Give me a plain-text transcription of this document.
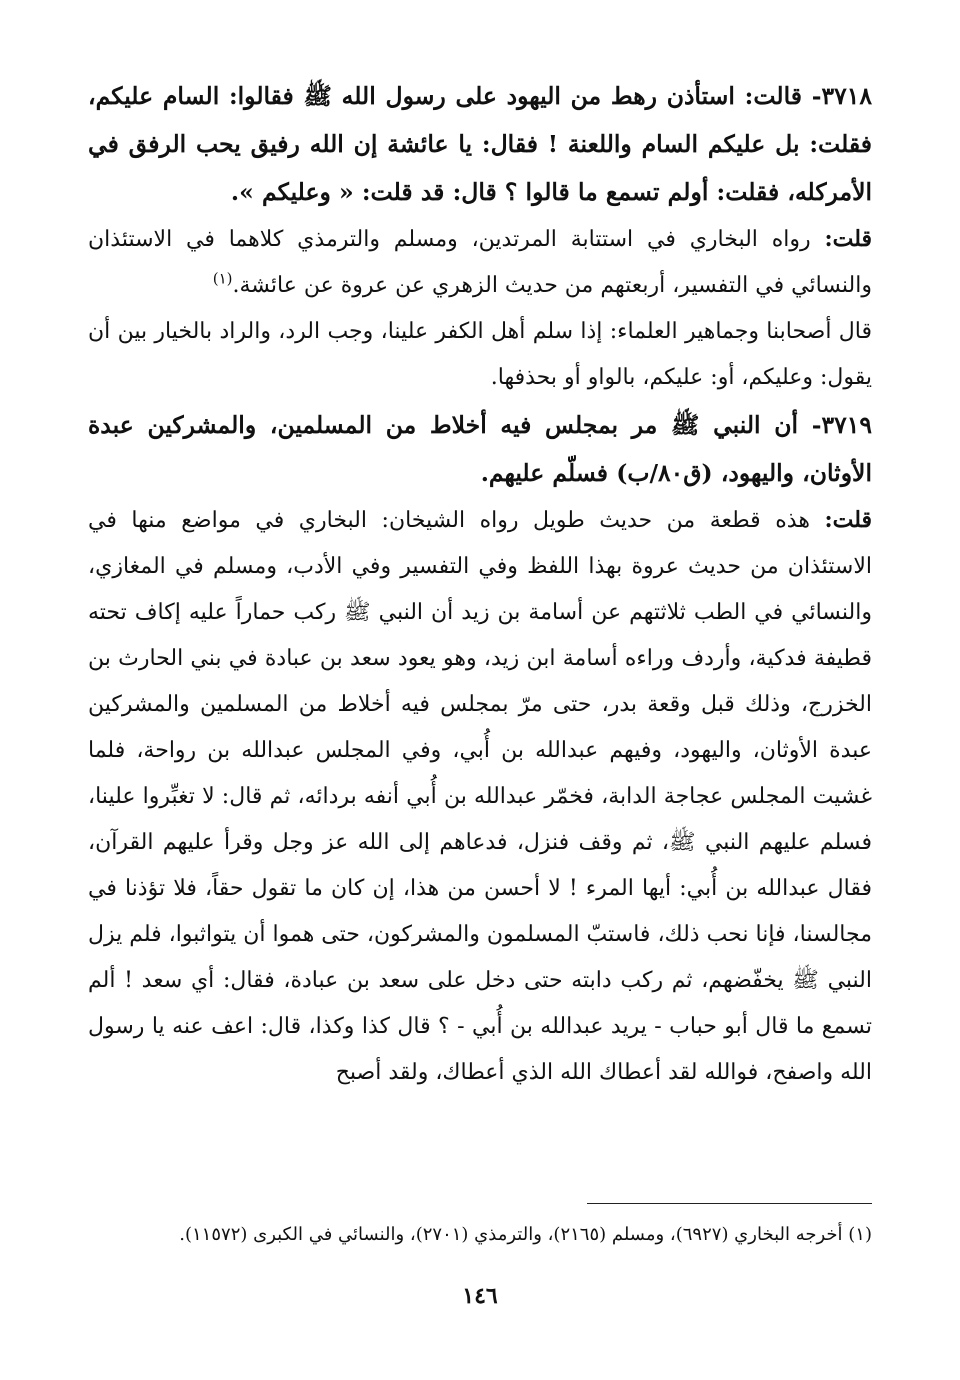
٣٧١٨- قالت: استأذن رهط من اليهود على رسول الله ﷺ فقالوا: السام عليكم، فقلت: بل عليكم السام واللعنة ! فقال: يا عائشة إن الله رفيق يحب الرفق في الأمركله، فقلت: أولم تسمع ما قالوا ؟ قال: قد قلت: « وعليكم ».

قلت: رواه البخاري في استتابة المرتدين، ومسلم والترمذي كلاهما في الاستئذان والنسائي في التفسير، أربعتهم من حديث الزهري عن عروة عن عائشة.$^{(١)}$

قال أصحابنا وجماهير العلماء: إذا سلم أهل الكفر علينا، وجب الرد، والراد بالخيار بين أن يقول: وعليكم، أو: عليكم، بالواو أو بحذفها.

٣٧١٩- أن النبي ﷺ مر بمجلس فيه أخلاط من المسلمين، والمشركين عبدة الأوثان، واليهود، (ق٨٠/ب) فسلّم عليهم.

قلت: هذه قطعة من حديث طويل رواه الشيخان: البخاري في مواضع منها في الاستئذان من حديث عروة بهذا اللفظ وفي التفسير وفي الأدب، ومسلم في المغازي، والنسائي في الطب ثلاثتهم عن أسامة بن زيد أن النبي ﷺ ركب حماراً عليه إكاف تحته قطيفة فدكية، وأردف وراءه أسامة ابن زيد، وهو يعود سعد بن عبادة في بني الحارث بن الخزرج، وذلك قبل وقعة بدر، حتى مرّ بمجلس فيه أخلاط من المسلمين والمشركين عبدة الأوثان، واليهود، وفيهم عبدالله بن أُبي، وفي المجلس عبدالله بن رواحة، فلما غشيت المجلس عجاجة الدابة، فخمّر عبدالله بن أُبي أنفه بردائه، ثم قال: لا تغبِّروا علينا، فسلم عليهم النبي ﷺ، ثم وقف فنزل، فدعاهم إلى الله عز وجل وقرأ عليهم القرآن، فقال عبدالله بن أُبي: أيها المرء ! لا أحسن من هذا، إن كان ما تقول حقاً، فلا تؤذنا في مجالسنا، فإنا نحب ذلك، فاستبّ المسلمون والمشركون، حتى هموا أن يتواثبوا، فلم يزل النبي ﷺ يخفّضهم، ثم ركب دابته حتى دخل على سعد بن عبادة، فقال: أي سعد ! ألم تسمع ما قال أبو حباب - يريد عبدالله بن أُبي - ؟ قال كذا وكذا، قال: اعف عنه يا رسول الله واصفح، فوالله لقد أعطاك الله الذي أعطاك، ولقد أصبح

(١) أخرجه البخاري (٦٩٢٧)، ومسلم (٢١٦٥)، والترمذي (٢٧٠١)، والنسائي في الكبرى (١١٥٧٢).
١٤٦
